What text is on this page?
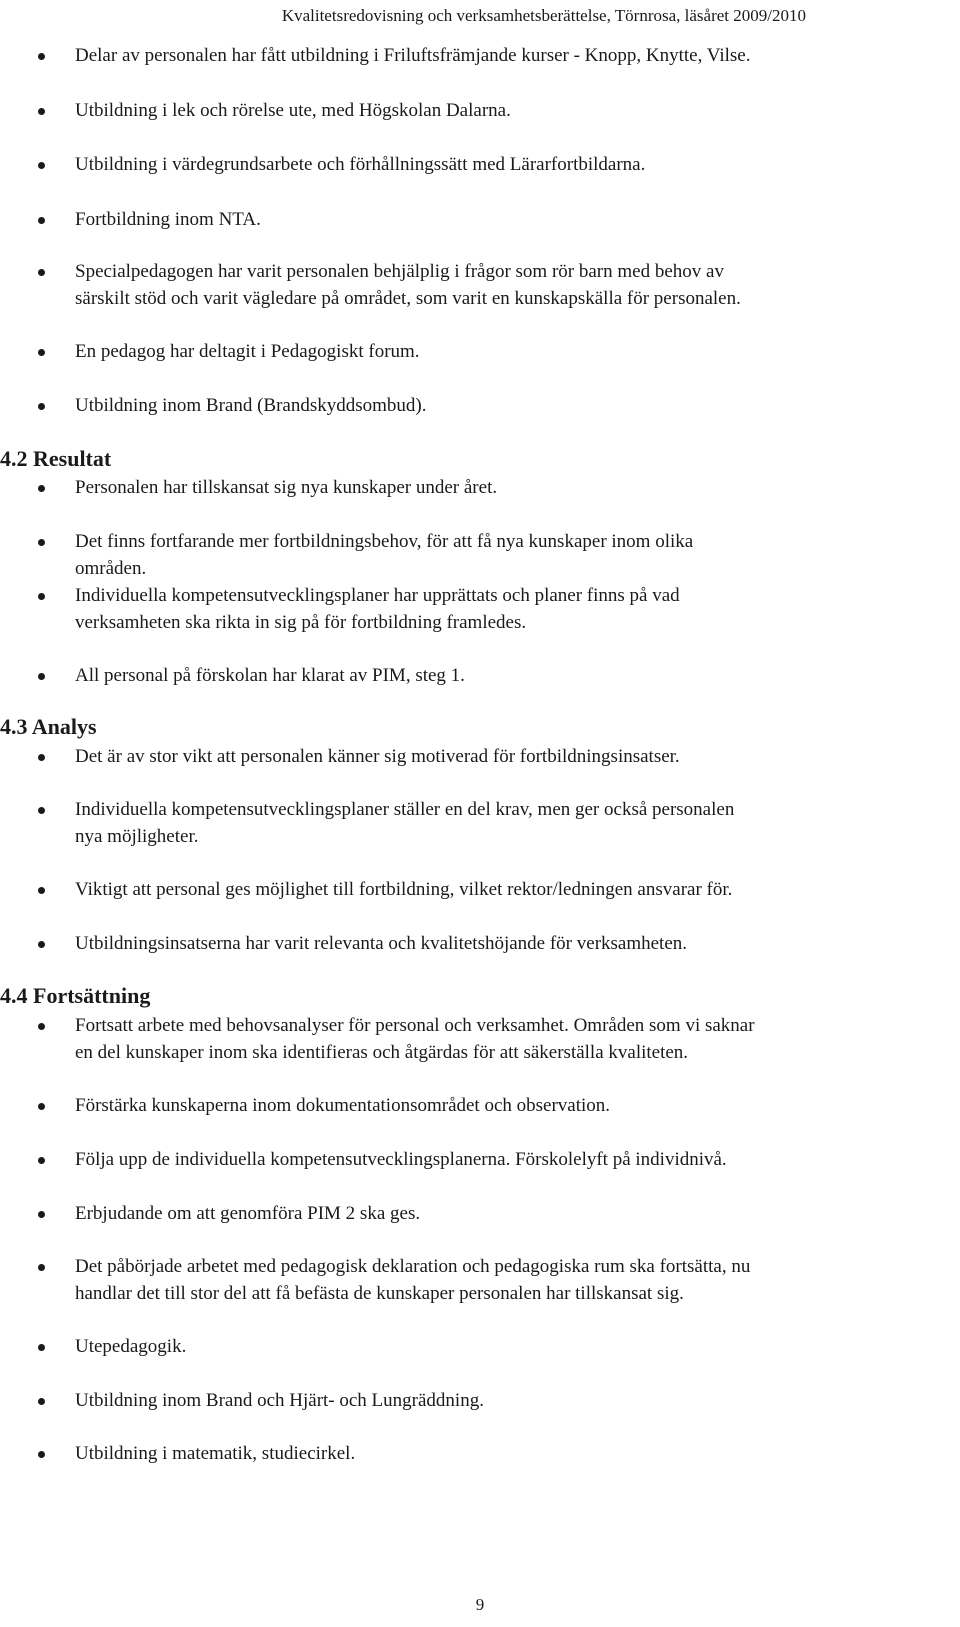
Kvalitetsredovisning och verksamhetsberättelse, Törnrosa, läsåret 2009/2010
Delar av personalen har fått utbildning i Friluftsfrämjande kurser - Knopp, Knytte, Vilse.
Utbildning i lek och rörelse ute, med Högskolan Dalarna.
Utbildning i värdegrundsarbete och förhållningssätt med Lärarfortbildarna.
Fortbildning inom NTA.
Specialpedagogen har varit personalen behjälplig i frågor som rör barn med behov av
särskilt stöd och varit vägledare på området, som varit en kunskapskälla för personalen.
En pedagog har deltagit i Pedagogiskt forum.
Utbildning inom Brand (Brandskyddsombud).
4.2 Resultat
Personalen har tillskansat sig nya kunskaper under året.
Det finns fortfarande mer fortbildningsbehov, för att få nya kunskaper inom olika
områden.
Individuella kompetensutvecklingsplaner har upprättats och planer finns på vad
verksamheten ska rikta in sig på för fortbildning framledes.
All personal på förskolan har klarat av PIM, steg 1.
4.3 Analys
Det är av stor vikt att personalen känner sig motiverad för fortbildningsinsatser.
Individuella kompetensutvecklingsplaner ställer en del krav, men ger också personalen
nya möjligheter.
Viktigt att personal ges möjlighet till fortbildning, vilket rektor/ledningen ansvarar för.
Utbildningsinsatserna har varit relevanta och kvalitetshöjande för verksamheten.
4.4 Fortsättning
Fortsatt arbete med behovsanalyser för personal och verksamhet. Områden som vi saknar
en del kunskaper inom ska identifieras och åtgärdas för att säkerställa kvaliteten.
Förstärka kunskaperna inom dokumentationsområdet och observation.
Följa upp de individuella kompetensutvecklingsplanerna. Förskolelyft på individnivå.
Erbjudande om att genomföra PIM 2 ska ges.
Det påbörjade arbetet med pedagogisk deklaration och pedagogiska rum ska fortsätta, nu
handlar det till stor del att få befästa de kunskaper personalen har tillskansat sig.
Utepedagogik.
Utbildning inom Brand och Hjärt- och Lungräddning.
Utbildning i matematik, studiecirkel.
9
